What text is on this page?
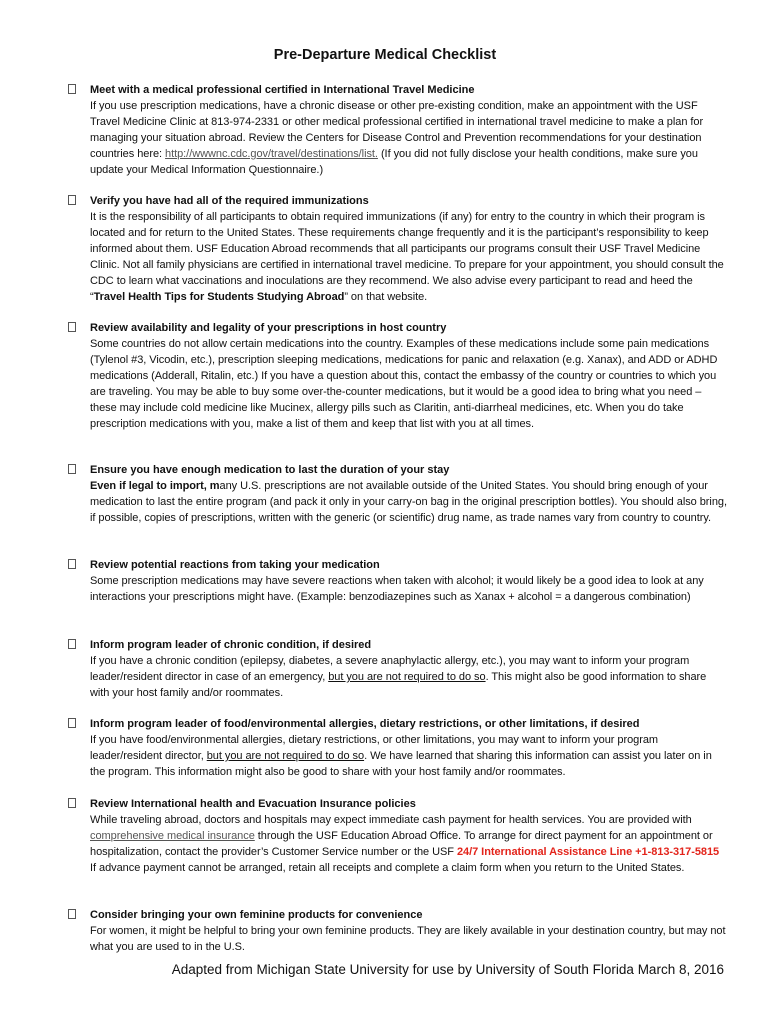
Pre-Departure Medical Checklist
Meet with a medical professional certified in International Travel Medicine
If you use prescription medications, have a chronic disease or other pre-existing condition, make an appointment with the USF Travel Medicine Clinic at 813-974-2331 or other medical professional certified in international travel medicine to make a plan for managing your situation abroad. Review the Centers for Disease Control and Prevention recommendations for your destination countries here: http://wwwnc.cdc.gov/travel/destinations/list. (If you did not fully disclose your health conditions, make sure you update your Medical Information Questionnaire.)
Verify you have had all of the required immunizations
It is the responsibility of all participants to obtain required immunizations (if any) for entry to the country in which their program is located and for return to the United States. These requirements change frequently and it is the participant’s responsibility to keep informed about them. USF Education Abroad recommends that all participants our programs consult their USF Travel Medicine Clinic. Not all family physicians are certified in international travel medicine. To prepare for your appointment, you should consult the CDC to learn what vaccinations and inoculations are they recommend. We also advise every participant to read and heed the “Travel Health Tips for Students Studying Abroad” on that website.
Review availability and legality of your prescriptions in host country
Some countries do not allow certain medications into the country. Examples of these medications include some pain medications (Tylenol #3, Vicodin, etc.), prescription sleeping medications, medications for panic and relaxation (e.g. Xanax), and ADD or ADHD medications (Adderall, Ritalin, etc.) If you have a question about this, contact the embassy of the country or countries to which you are traveling. You may be able to buy some over-the-counter medications, but it would be a good idea to bring what you need – these may include cold medicine like Mucinex, allergy pills such as Claritin, anti-diarrheal medicines, etc. When you do take prescription medications with you, make a list of them and keep that list with you at all times.
Ensure you have enough medication to last the duration of your stay
Even if legal to import, many U.S. prescriptions are not available outside of the United States. You should bring enough of your medication to last the entire program (and pack it only in your carry-on bag in the original prescription bottles). You should also bring, if possible, copies of prescriptions, written with the generic (or scientific) drug name, as trade names vary from country to country.
Review potential reactions from taking your medication
Some prescription medications may have severe reactions when taken with alcohol; it would likely be a good idea to look at any interactions your prescriptions might have. (Example: benzodiazepines such as Xanax + alcohol = a dangerous combination)
Inform program leader of chronic condition, if desired
If you have a chronic condition (epilepsy, diabetes, a severe anaphylactic allergy, etc.), you may want to inform your program leader/resident director in case of an emergency, but you are not required to do so. This might also be good information to share with your host family and/or roommates.
Inform program leader of food/environmental allergies, dietary restrictions, or other limitations, if desired
If you have food/environmental allergies, dietary restrictions, or other limitations, you may want to inform your program leader/resident director, but you are not required to do so. We have learned that sharing this information can assist you later on in the program. This information might also be good to share with your host family and/or roommates.
Review International health and Evacuation Insurance policies
While traveling abroad, doctors and hospitals may expect immediate cash payment for health services. You are provided with comprehensive medical insurance through the USF Education Abroad Office. To arrange for direct payment for an appointment or hospitalization, contact the provider’s Customer Service number or the USF 24/7 International Assistance Line +1-813-317-5815 If advance payment cannot be arranged, retain all receipts and complete a claim form when you return to the United States.
Consider bringing your own feminine products for convenience
For women, it might be helpful to bring your own feminine products. They are likely available in your destination country, but may not what you are used to in the U.S.
Adapted from Michigan State University for use by University of South Florida March 8, 2016
